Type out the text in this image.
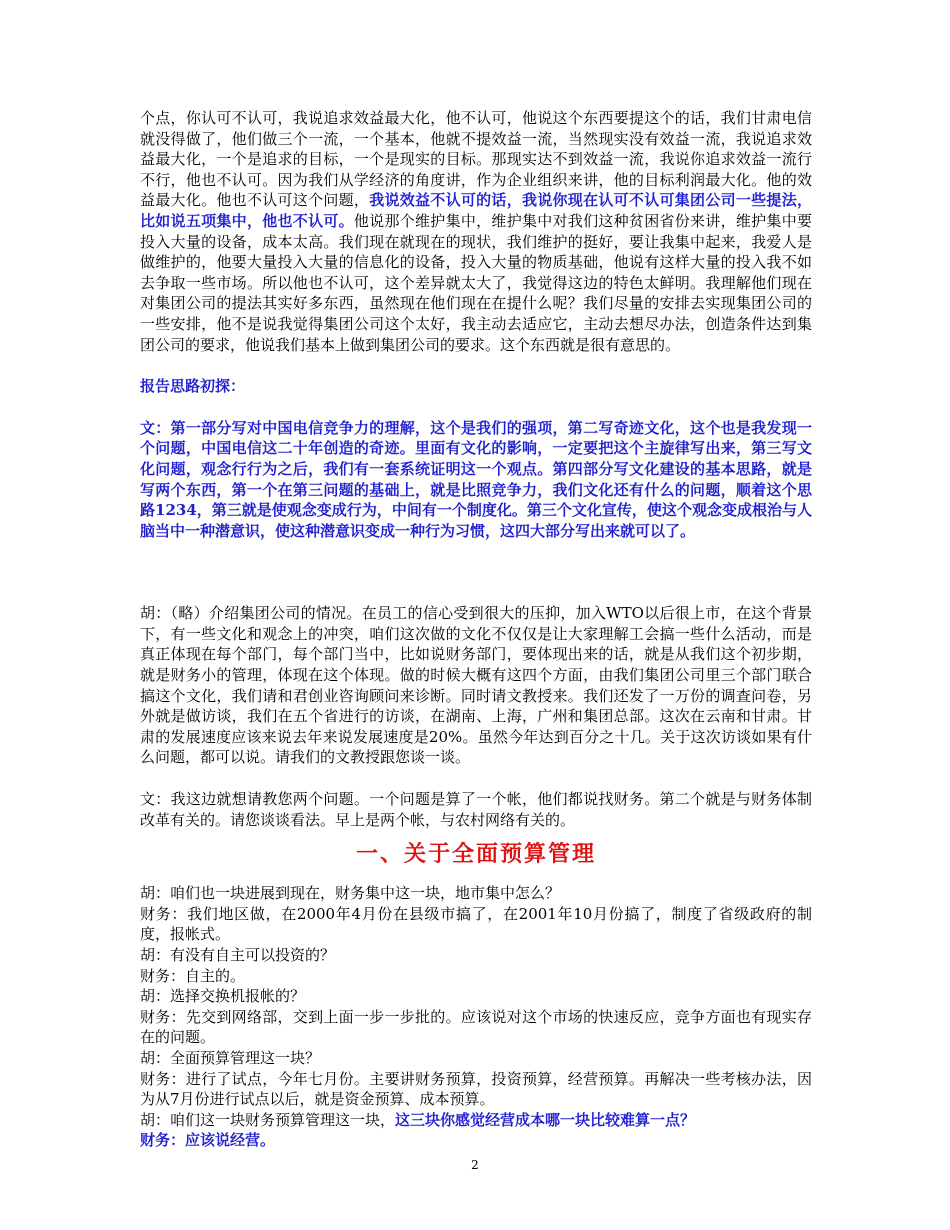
个点，你认可不认可，我说追求效益最大化，他不认可，他说这个东西要提这个的话，我们甘肃电信就没得做了，他们做三个一流，一个基本，他就不提效益一流，当然现实没有效益一流，我说追求效益最大化，一个是追求的目标，一个是现实的目标。那现实达不到效益一流，我说你追求效益一流行不行，他也不认可。因为我们从学经济的角度讲，作为企业组织来讲，他的目标利润最大化。他的效益最大化。他也不认可这个问题，我说效益不认可的话，我说你现在认可不认可集团公司一些提法，比如说五项集中，他也不认可。他说那个维护集中，维护集中对我们这种贫困省份来讲，维护集中要投入大量的设备，成本太高。我们现在就现在的现状，我们维护的挺好，要让我集中起来，我爱人是做维护的，他要大量投入大量的信息化的设备，投入大量的物质基础，他说有这样大量的投入我不如去争取一些市场。所以他也不认可，这个差异就太大了，我觉得这边的特色太鲜明。我理解他们现在对集团公司的提法其实好多东西，虽然现在他们现在在提什么呢？我们尽量的安排去实现集团公司的一些安排，他不是说我觉得集团公司这个太好，我主动去适应它，主动去想尽办法，创造条件达到集团公司的要求，他说我们基本上做到集团公司的要求。这个东西就是很有意思的。

报告思路初探：

文：第一部分写对中国电信竞争力的理解，这个是我们的强项，第二写奇迹文化，这个也是我发现一个问题，中国电信这二十年创造的奇迹。里面有文化的影响，一定要把这个主旋律写出来，第三写文化问题，观念行行为之后，我们有一套系统证明这一个观点。第四部分写文化建设的基本思路，就是写两个东西，第一个在第三问题的基础上，就是比照竞争力，我们文化还有什么的问题，顺着这个思路1234，第三就是使观念变成行为，中间有一个制度化。第三个文化宣传，使这个观念变成根治与人脑当中一种潜意识，使这种潜意识变成一种行为习惯，这四大部分写出来就可以了。

胡：（略）介绍集团公司的情况。在员工的信心受到很大的压抑，加入WTO以后很上市，在这个背景下，有一些文化和观念上的冲突，咱们这次做的文化不仅仅是让大家理解工会搞一些什么活动，而是真正体现在每个部门，每个部门当中，比如说财务部门，要体现出来的话，就是从我们这个初步期，就是财务小的管理，体现在这个体现。做的时候大概有这四个方面，由我们集团公司里三个部门联合搞这个文化，我们请和君创业咨询顾问来诊断。同时请文教授来。我们还发了一万份的调查问卷，另外就是做访谈，我们在五个省进行的访谈，在湖南、上海，广州和集团总部。这次在云南和甘肃。甘肃的发展速度应该来说去年来说发展速度是20%。虽然今年达到百分之十几。关于这次访谈如果有什么问题，都可以说。请我们的文教授跟您谈一谈。

文：我这边就想请教您两个问题。一个问题是算了一个帐，他们都说找财务。第二个就是与财务体制改革有关的。请您谈谈看法。早上是两个帐，与农村网络有关的。

一、关于全面预算管理

胡：咱们也一块进展到现在，财务集中这一块，地市集中怎么？

财务：我们地区做，在2000年4月份在县级市搞了，在2001年10月份搞了，制度了省级政府的制度，报帐式。

胡：有没有自主可以投资的？

财务：自主的。

胡：选择交换机报帐的？

财务：先交到网络部，交到上面一步一步批的。应该说对这个市场的快速反应，竞争方面也有现实存在的问题。

胡：全面预算管理这一块？

财务：进行了试点，今年七月份。主要讲财务预算，投资预算，经营预算。再解决一些考核办法，因为从7月份进行试点以后，就是资金预算、成本预算。

胡：咱们这一块财务预算管理这一块，这三块你感觉经营成本哪一块比较难算一点？

财务：应该说经营。

2
